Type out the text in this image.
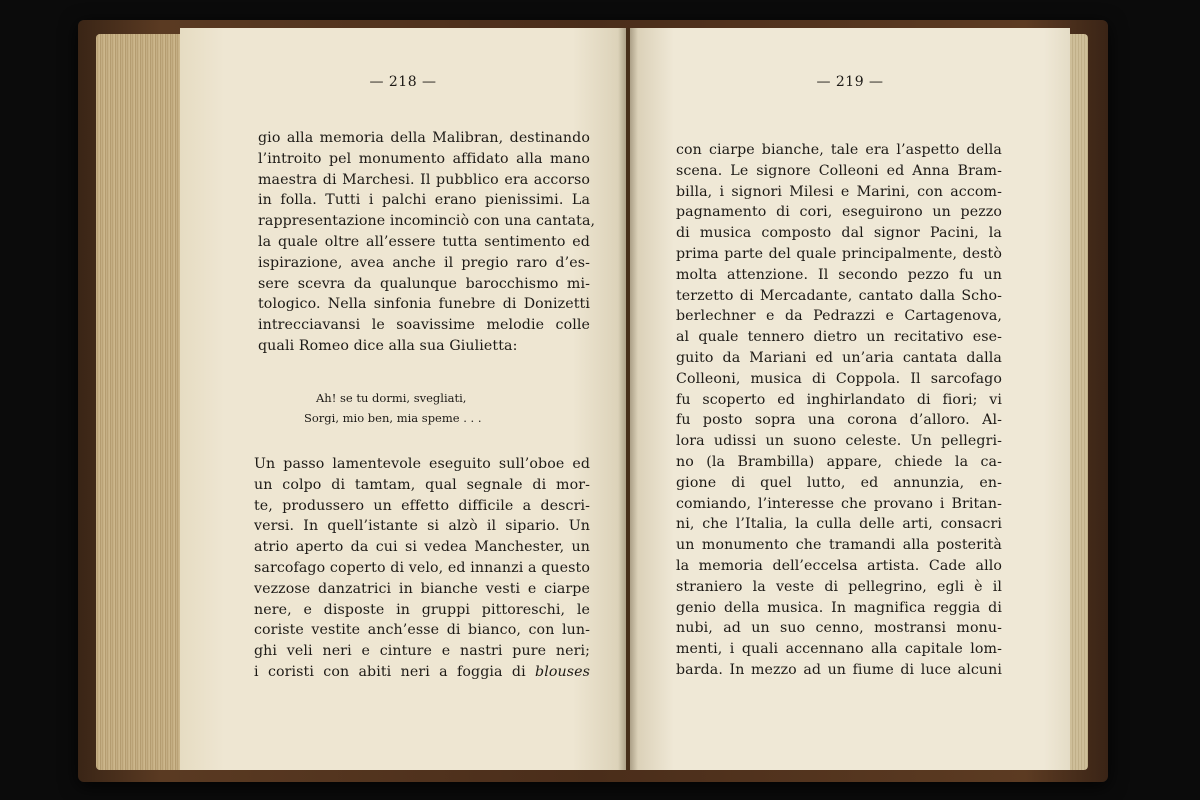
— 218 —
gio alla memoria della Malibran, destinando
l’introito pel monumento affidato alla mano
maestra di Marchesi. Il pubblico era accorso
in folla. Tutti i palchi erano pienissimi. La
rappresentazione incominciò con una cantata,
la quale oltre all’essere tutta sentimento ed
ispirazione, avea anche il pregio raro d’es-
sere scevra da qualunque barocchismo mi-
tologico. Nella sinfonia funebre di Donizetti
intrecciavansi le soavissime melodie colle
quali Romeo dice alla sua Giulietta:
Ah! se tu dormi, svegliati,
Sorgi, mio ben, mia speme . . .
Un passo lamentevole eseguito sull’oboe ed
un colpo di tamtam, qual segnale di mor-
te, produssero un effetto difficile a descri-
versi. In quell’istante si alzò il sipario. Un
atrio aperto da cui si vedea Manchester, un
sarcofago coperto di velo, ed innanzi a questo
vezzose danzatrici in bianche vesti e ciarpe
nere, e disposte in gruppi pittoreschi, le
coriste vestite anch’esse di bianco, con lun-
ghi veli neri e cinture e nastri pure neri;
i coristi con abiti neri a foggia di blouses
— 219 —
con ciarpe bianche, tale era l’aspetto della
scena. Le signore Colleoni ed Anna Bram-
billa, i signori Milesi e Marini, con accom-
pagnamento di cori, eseguirono un pezzo
di musica composto dal signor Pacini, la
prima parte del quale principalmente, destò
molta attenzione. Il secondo pezzo fu un
terzetto di Mercadante, cantato dalla Scho-
berlechner e da Pedrazzi e Cartagenova,
al quale tennero dietro un recitativo ese-
guito da Mariani ed un’aria cantata dalla
Colleoni, musica di Coppola. Il sarcofago
fu scoperto ed inghirlandato di fiori; vi
fu posto sopra una corona d’alloro. Al-
lora udissi un suono celeste. Un pellegri-
no (la Brambilla) appare, chiede la ca-
gione di quel lutto, ed annunzia, en-
comiando, l’interesse che provano i Britan-
ni, che l’Italia, la culla delle arti, consacri
un monumento che tramandi alla posterità
la memoria dell’eccelsa artista. Cade allo
straniero la veste di pellegrino, egli è il
genio della musica. In magnifica reggia di
nubi, ad un suo cenno, mostransi monu-
menti, i quali accennano alla capitale lom-
barda. In mezzo ad un fiume di luce alcuni
